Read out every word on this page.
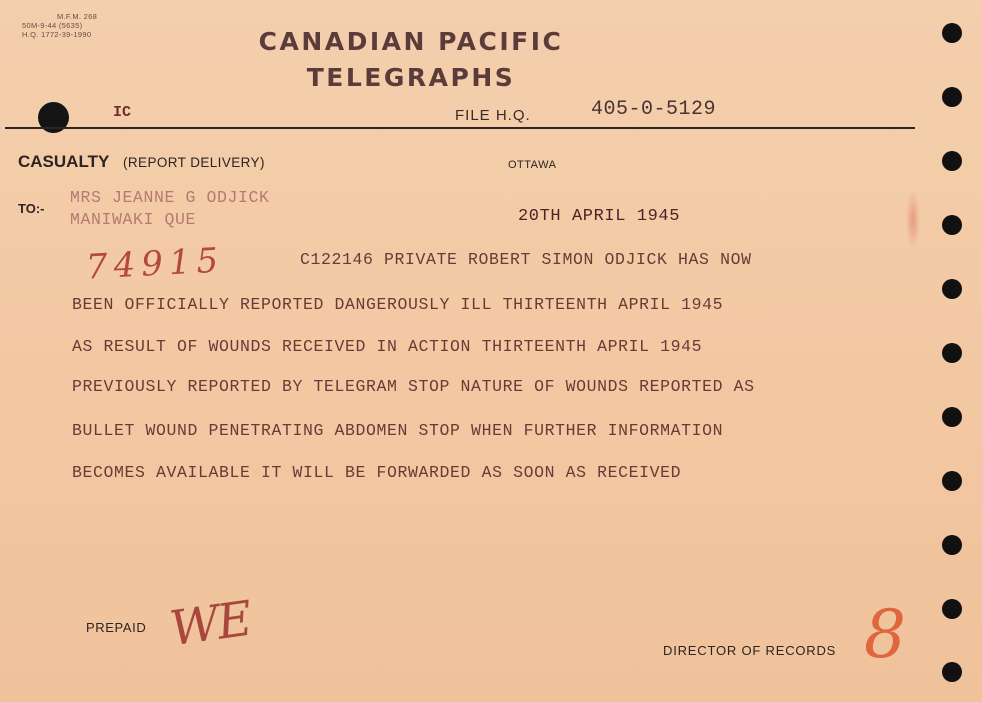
M.F.M. 268
50M-9-44 (5635)
H.Q. 1772-39-1990	CANADIAN PACIFIC
TELEGRAPHS
IC	FILE H.Q.	405-0-5129
CASUALTY (REPORT DELIVERY)	OTTAWA
TO:-
MRS JEANNE G ODJICK
MANIWAKI QUE	20TH APRIL 1945
74915	C122146 PRIVATE ROBERT SIMON ODJICK HAS NOW
BEEN OFFICIALLY REPORTED DANGEROUSLY ILL THIRTEENTH APRIL 1945
AS RESULT OF WOUNDS RECEIVED IN ACTION THIRTEENTH APRIL 1945
PREVIOUSLY REPORTED BY TELEGRAM STOP NATURE OF WOUNDS REPORTED AS
BULLET WOUND PENETRATING ABDOMEN STOP WHEN FURTHER INFORMATION
BECOMES AVAILABLE IT WILL BE FORWARDED AS SOON AS RECEIVED
PREPAID WE	DIRECTOR OF RECORDS 8
